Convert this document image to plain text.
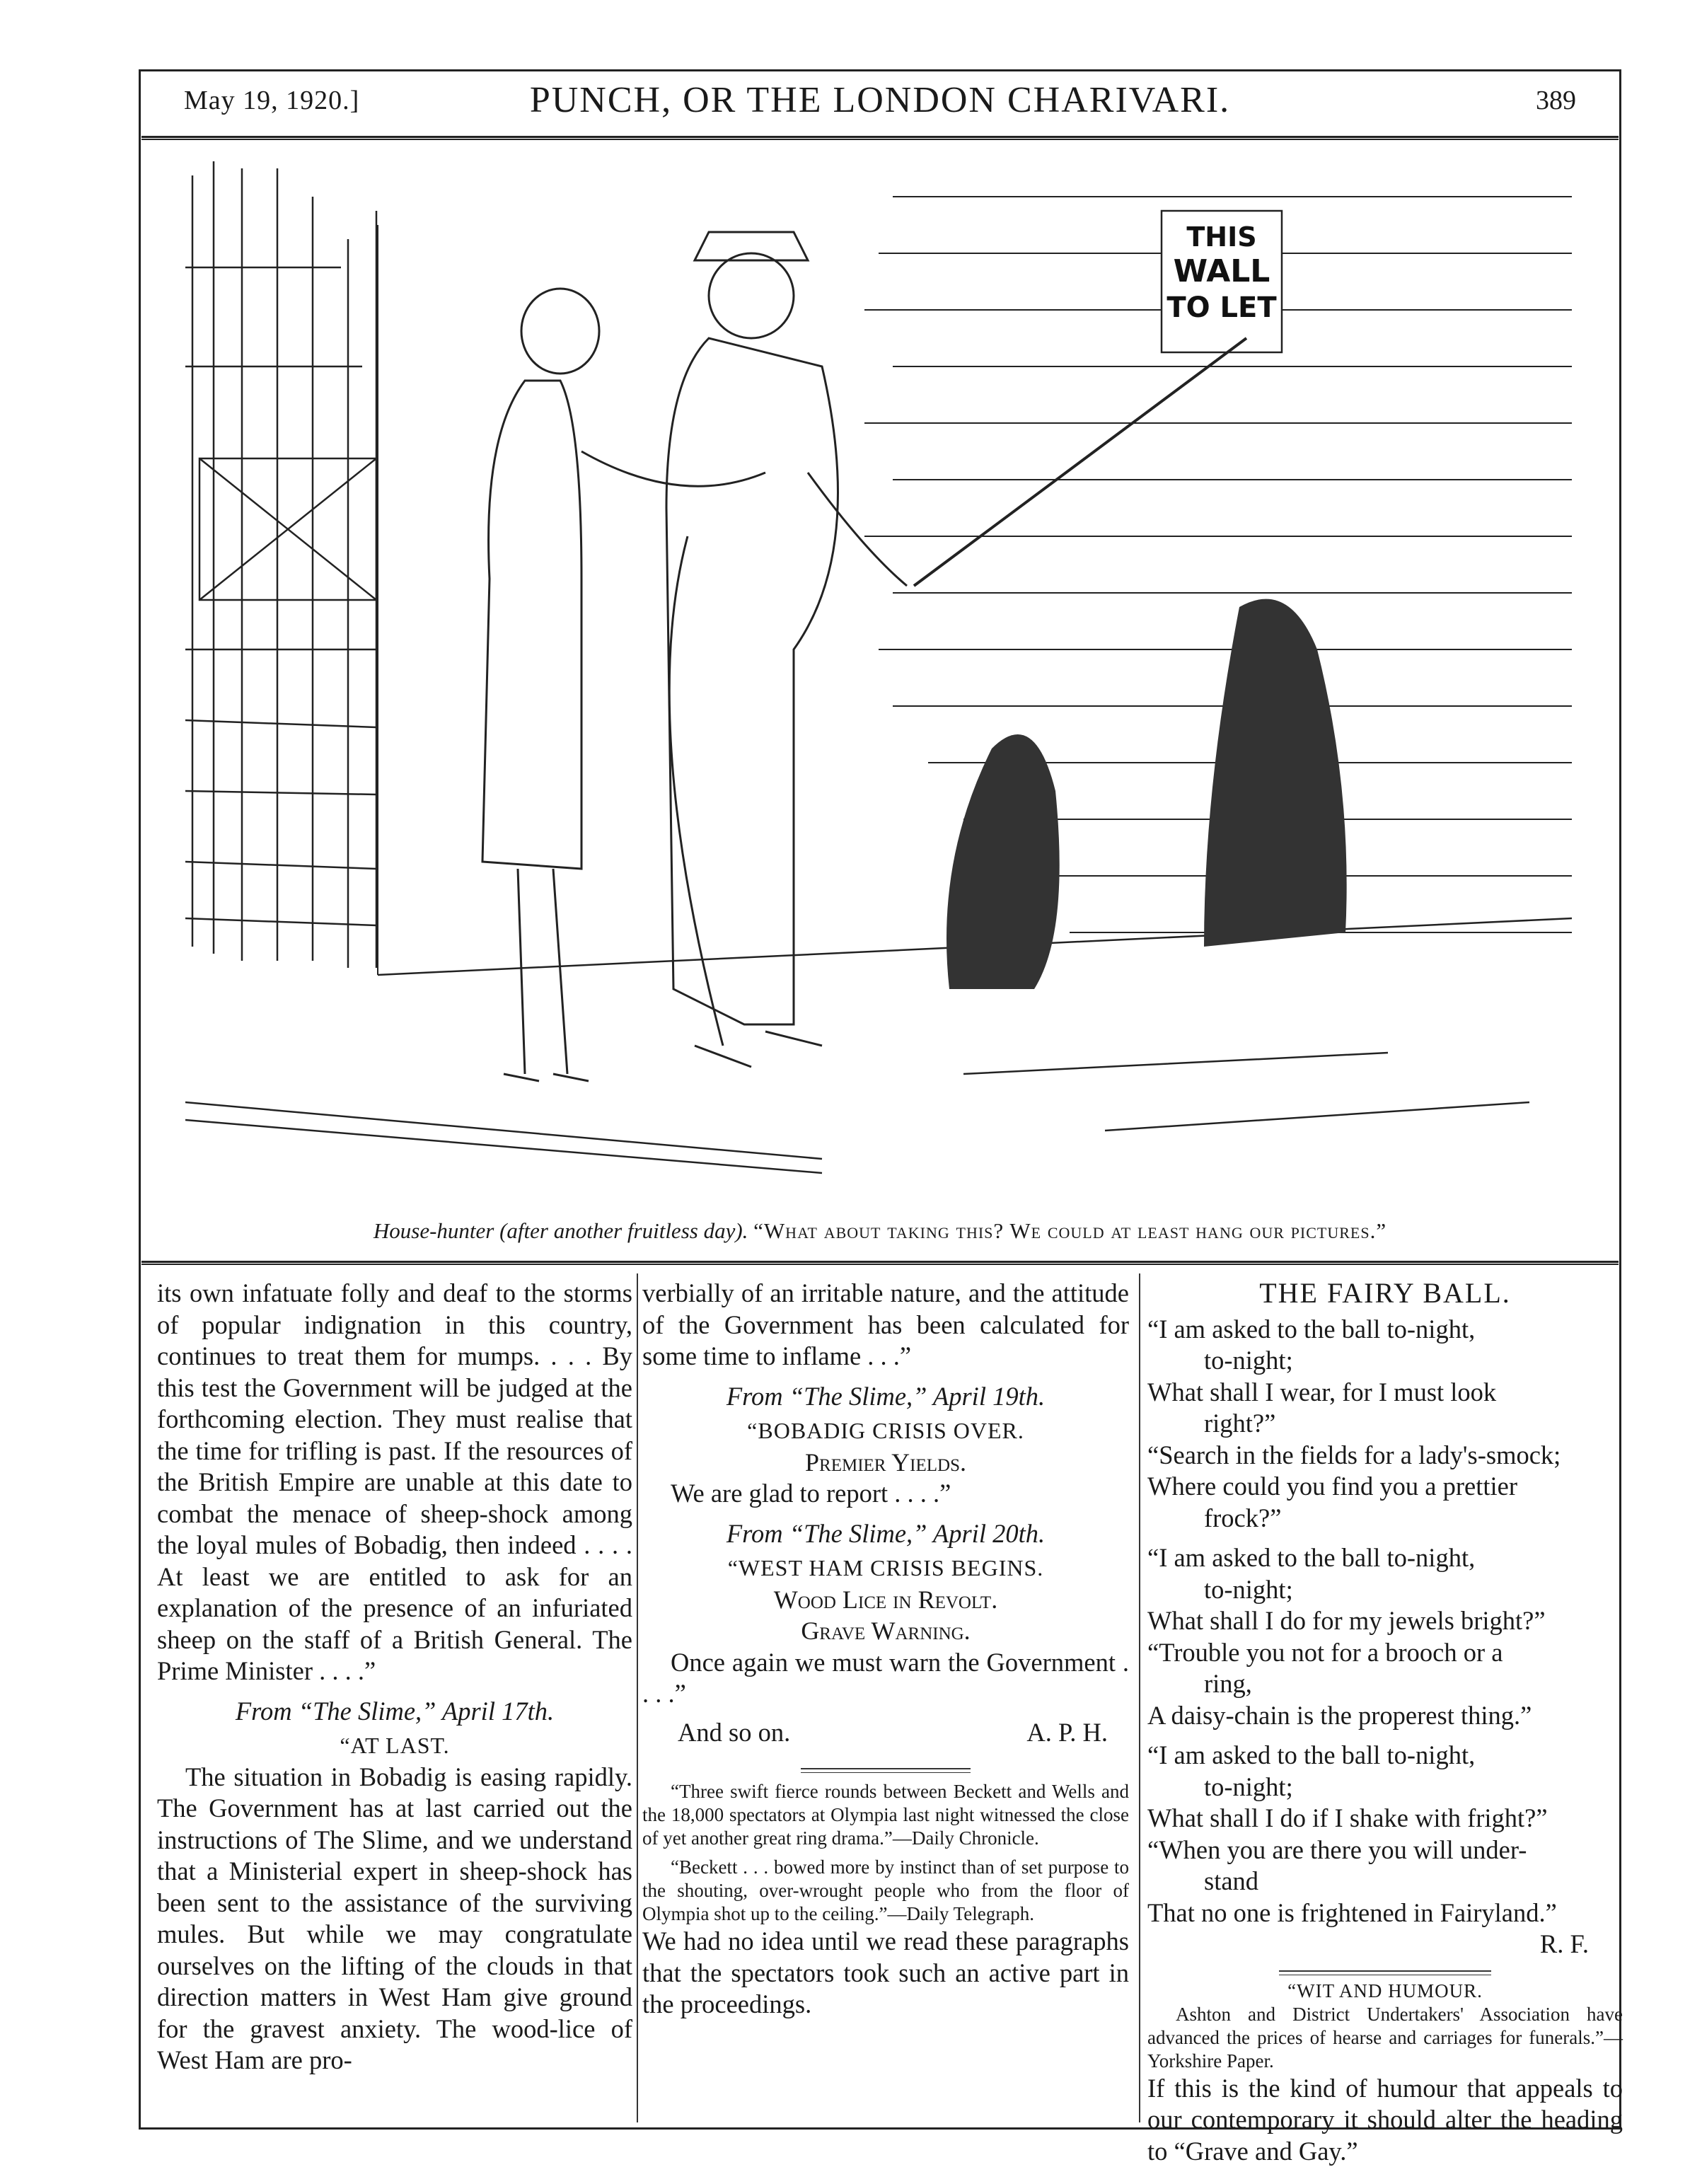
May 19, 1920.]	PUNCH, OR THE LONDON CHARIVARI.	389
THIS
WALL
TO LET
House-hunter (after another fruitless day). “What about taking this? We could at least hang our pictures.”

its own infatuate folly and deaf to the storms of popular indignation in this country, continues to treat them for mumps. . . . By this test the Government will be judged at the forthcoming election. They must realise that the time for trifling is past. If the resources of the British Empire are unable at this date to combat the menace of sheep-shock among the loyal mules of Bobadig, then indeed . . . . At least we are entitled to ask for an explanation of the presence of an infuriated sheep on the staff of a British General. The Prime Minister . . . .”

From “The Slime,” April 17th.

“AT LAST.

The situation in Bobadig is easing rapidly. The Government has at last carried out the instructions of The Slime, and we understand that a Ministerial expert in sheep-shock has been sent to the assistance of the surviving mules. But while we may congratulate ourselves on the lifting of the clouds in that direction matters in West Ham give ground for the gravest anxiety. The wood-lice of West Ham are pro-

verbially of an irritable nature, and the attitude of the Government has been calculated for some time to inflame . . .”

From “The Slime,” April 19th.

“BOBADIG CRISIS OVER.

Premier Yields.

We are glad to report . . . .”

From “The Slime,” April 20th.

“WEST HAM CRISIS BEGINS.

Wood Lice in Revolt.

Grave Warning.

Once again we must warn the Government . . . .”

And so on.	A. P. H.

“Three swift fierce rounds between Beckett and Wells and the 18,000 spectators at Olympia last night witnessed the close of yet another great ring drama.”—Daily Chronicle.

“Beckett . . . bowed more by instinct than of set purpose to the shouting, over-wrought people who from the floor of Olympia shot up to the ceiling.”—Daily Telegraph.

We had no idea until we read these paragraphs that the spectators took such an active part in the proceedings.

THE FAIRY BALL.

“I am asked to the ball to-night,
to-night;
What shall I wear, for I must look
right?”
“Search in the fields for a lady's-smock;
Where could you find you a prettier
frock?”

“I am asked to the ball to-night,
to-night;
What shall I do for my jewels bright?”
“Trouble you not for a brooch or a
ring,
A daisy-chain is the properest thing.”

“I am asked to the ball to-night,
to-night;
What shall I do if I shake with fright?”
“When you are there you will under-
stand
That no one is frightened in Fairyland.”

R. F.

“WIT AND HUMOUR.

Ashton and District Undertakers' Association have advanced the prices of hearse and carriages for funerals.”—Yorkshire Paper.

If this is the kind of humour that appeals to our contemporary it should alter the heading to “Grave and Gay.”
